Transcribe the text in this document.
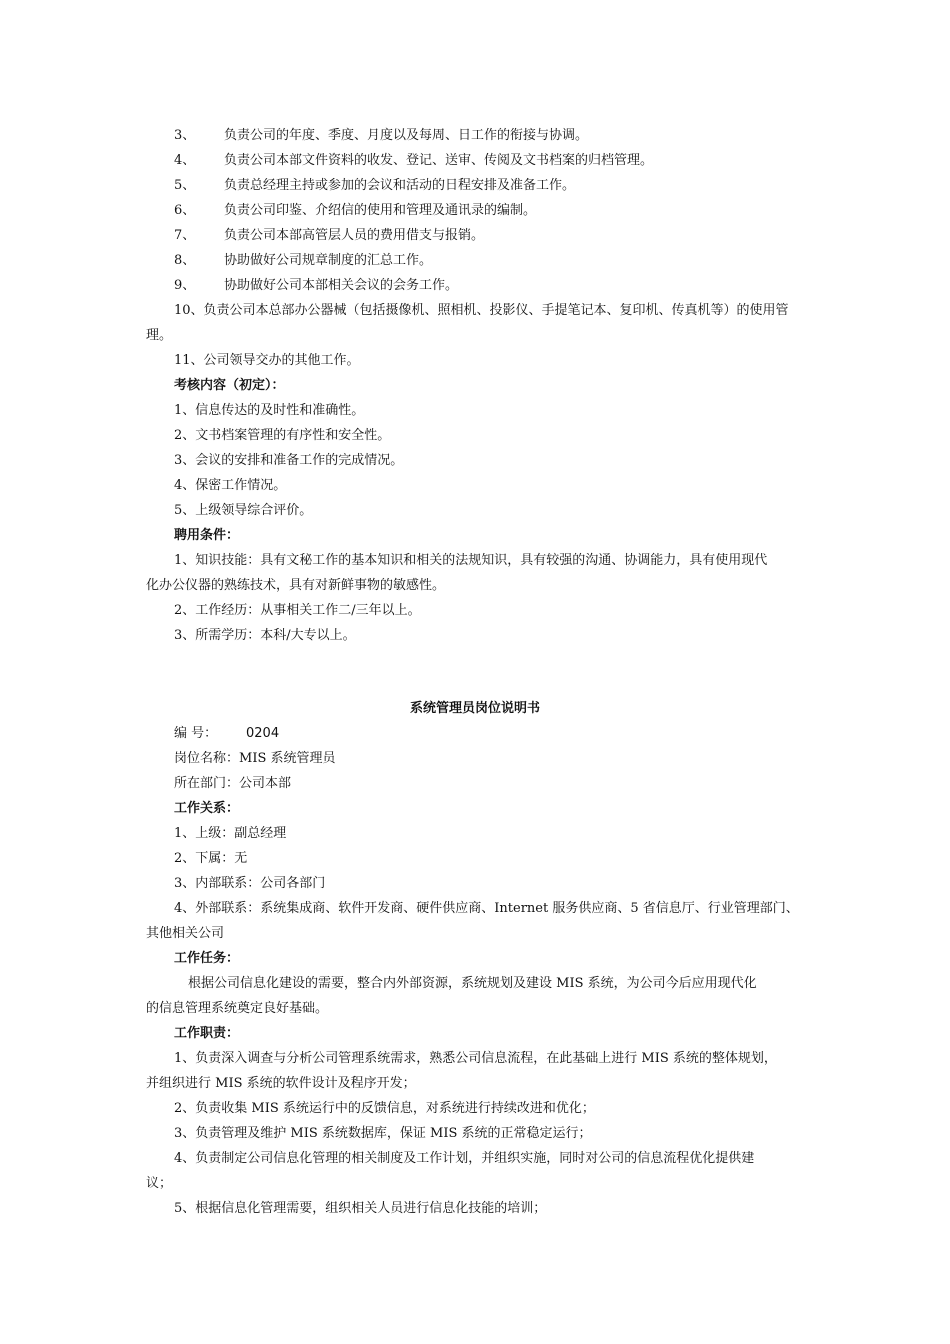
3、 负责公司的年度、季度、月度以及每周、日工作的衔接与协调。
4、 负责公司本部文件资料的收发、登记、送审、传阅及文书档案的归档管理。
5、 负责总经理主持或参加的会议和活动的日程安排及准备工作。
6、 负责公司印鉴、介绍信的使用和管理及通讯录的编制。
7、 负责公司本部高管层人员的费用借支与报销。
8、 协助做好公司规章制度的汇总工作。
9、 协助做好公司本部相关会议的会务工作。
10、负责公司本总部办公器械（包括摄像机、照相机、投影仪、手提笔记本、复印机、传真机等）的使用管
理。
11、公司领导交办的其他工作。
考核内容（初定）：
1、信息传达的及时性和准确性。
2、文书档案管理的有序性和安全性。
3、会议的安排和准备工作的完成情况。
4、保密工作情况。
5、上级领导综合评价。
聘用条件：
1、知识技能：具有文秘工作的基本知识和相关的法规知识，具有较强的沟通、协调能力，具有使用现代
化办公仪器的熟练技术，具有对新鲜事物的敏感性。
2、工作经历：从事相关工作二/三年以上。
3、所需学历：本科/大专以上。
系统管理员岗位说明书
编 号： 0204
岗位名称：MIS 系统管理员
所在部门：公司本部
工作关系：
1、上级：副总经理
2、下属：无
3、内部联系：公司各部门
4、外部联系：系统集成商、软件开发商、硬件供应商、Internet 服务供应商、5 省信息厅、行业管理部门、
其他相关公司
工作任务：
根据公司信息化建设的需要，整合内外部资源，系统规划及建设 MIS 系统，为公司今后应用现代化
的信息管理系统奠定良好基础。
工作职责：
1、负责深入调查与分析公司管理系统需求，熟悉公司信息流程，在此基础上进行 MIS 系统的整体规划，
并组织进行 MIS 系统的软件设计及程序开发；
2、负责收集 MIS 系统运行中的反馈信息，对系统进行持续改进和优化；
3、负责管理及维护 MIS 系统数据库，保证 MIS 系统的正常稳定运行；
4、负责制定公司信息化管理的相关制度及工作计划，并组织实施，同时对公司的信息流程优化提供建
议；
5、根据信息化管理需要，组织相关人员进行信息化技能的培训；
